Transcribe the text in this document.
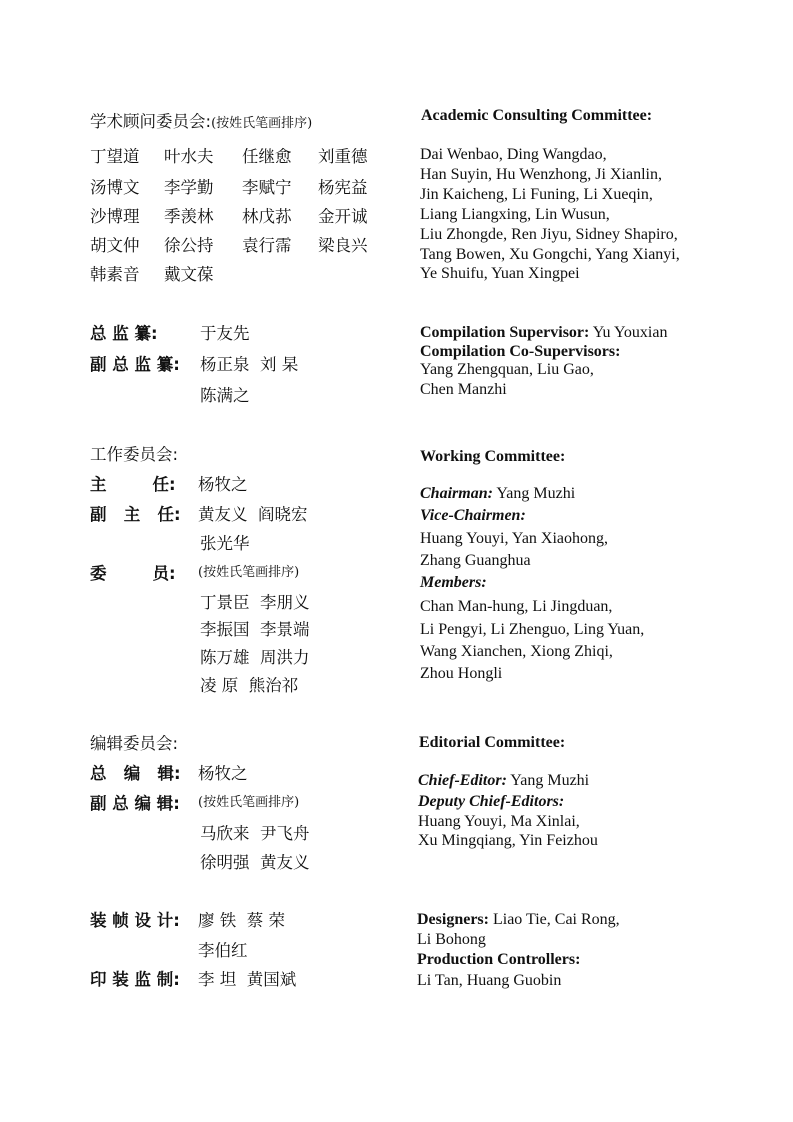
学术顾问委员会:(按姓氏笔画排序)
丁望道 叶水夫 任继愈 刘重德
汤博文 李学勤 李赋宁 杨宪益
沙博理 季羡林 林戊荪 金开诚
胡文仲 徐公持 袁行霈 梁良兴
韩素音 戴文葆
Academic Consulting Committee:
Dai Wenbao, Ding Wangdao,
Han Suyin, Hu Wenzhong, Ji Xianlin,
Jin Kaicheng, Li Funing, Li Xueqin,
Liang Liangxing, Lin Wusun,
Liu Zhongde, Ren Jiyu, Sidney Shapiro,
Tang Bowen, Xu Gongchi, Yang Xianyi,
Ye Shuifu, Yuan Xingpei
总 监 纂:	于友先
副 总 监 纂: 杨正泉  刘 杲
陈满之
Compilation Supervisor: Yu Youxian
Compilation Co-Supervisors:
Yang Zhengquan, Liu Gao,
Chen Manzhi
工作委员会:
主        任: 杨牧之
副   主   任: 黄友义  阎晓宏
张光华
委        员: (按姓氏笔画排序)
丁景臣  李朋义
李振国  李景端
陈万雄  周洪力
凌 原  熊治祁
Working Committee:
Chairman: Yang Muzhi
Vice-Chairmen:
Huang Youyi, Yan Xiaohong,
Zhang Guanghua
Members:
Chan Man-hung, Li Jingduan,
Li Pengyi, Li Zhenguo, Ling Yuan,
Wang Xianchen, Xiong Zhiqi,
Zhou Hongli
编辑委员会:
总   编   辑: 杨牧之
副 总 编 辑: (按姓氏笔画排序)
马欣来  尹飞舟
徐明强  黄友义
Editorial Committee:
Chief-Editor: Yang Muzhi
Deputy Chief-Editors:
Huang Youyi, Ma Xinlai,
Xu Mingqiang, Yin Feizhou
装 帧 设 计: 廖 铁  蔡 荣
李伯红
印 装 监 制: 李 坦  黄国斌
Designers: Liao Tie, Cai Rong,
Li Bohong
Production Controllers:
Li Tan, Huang Guobin
